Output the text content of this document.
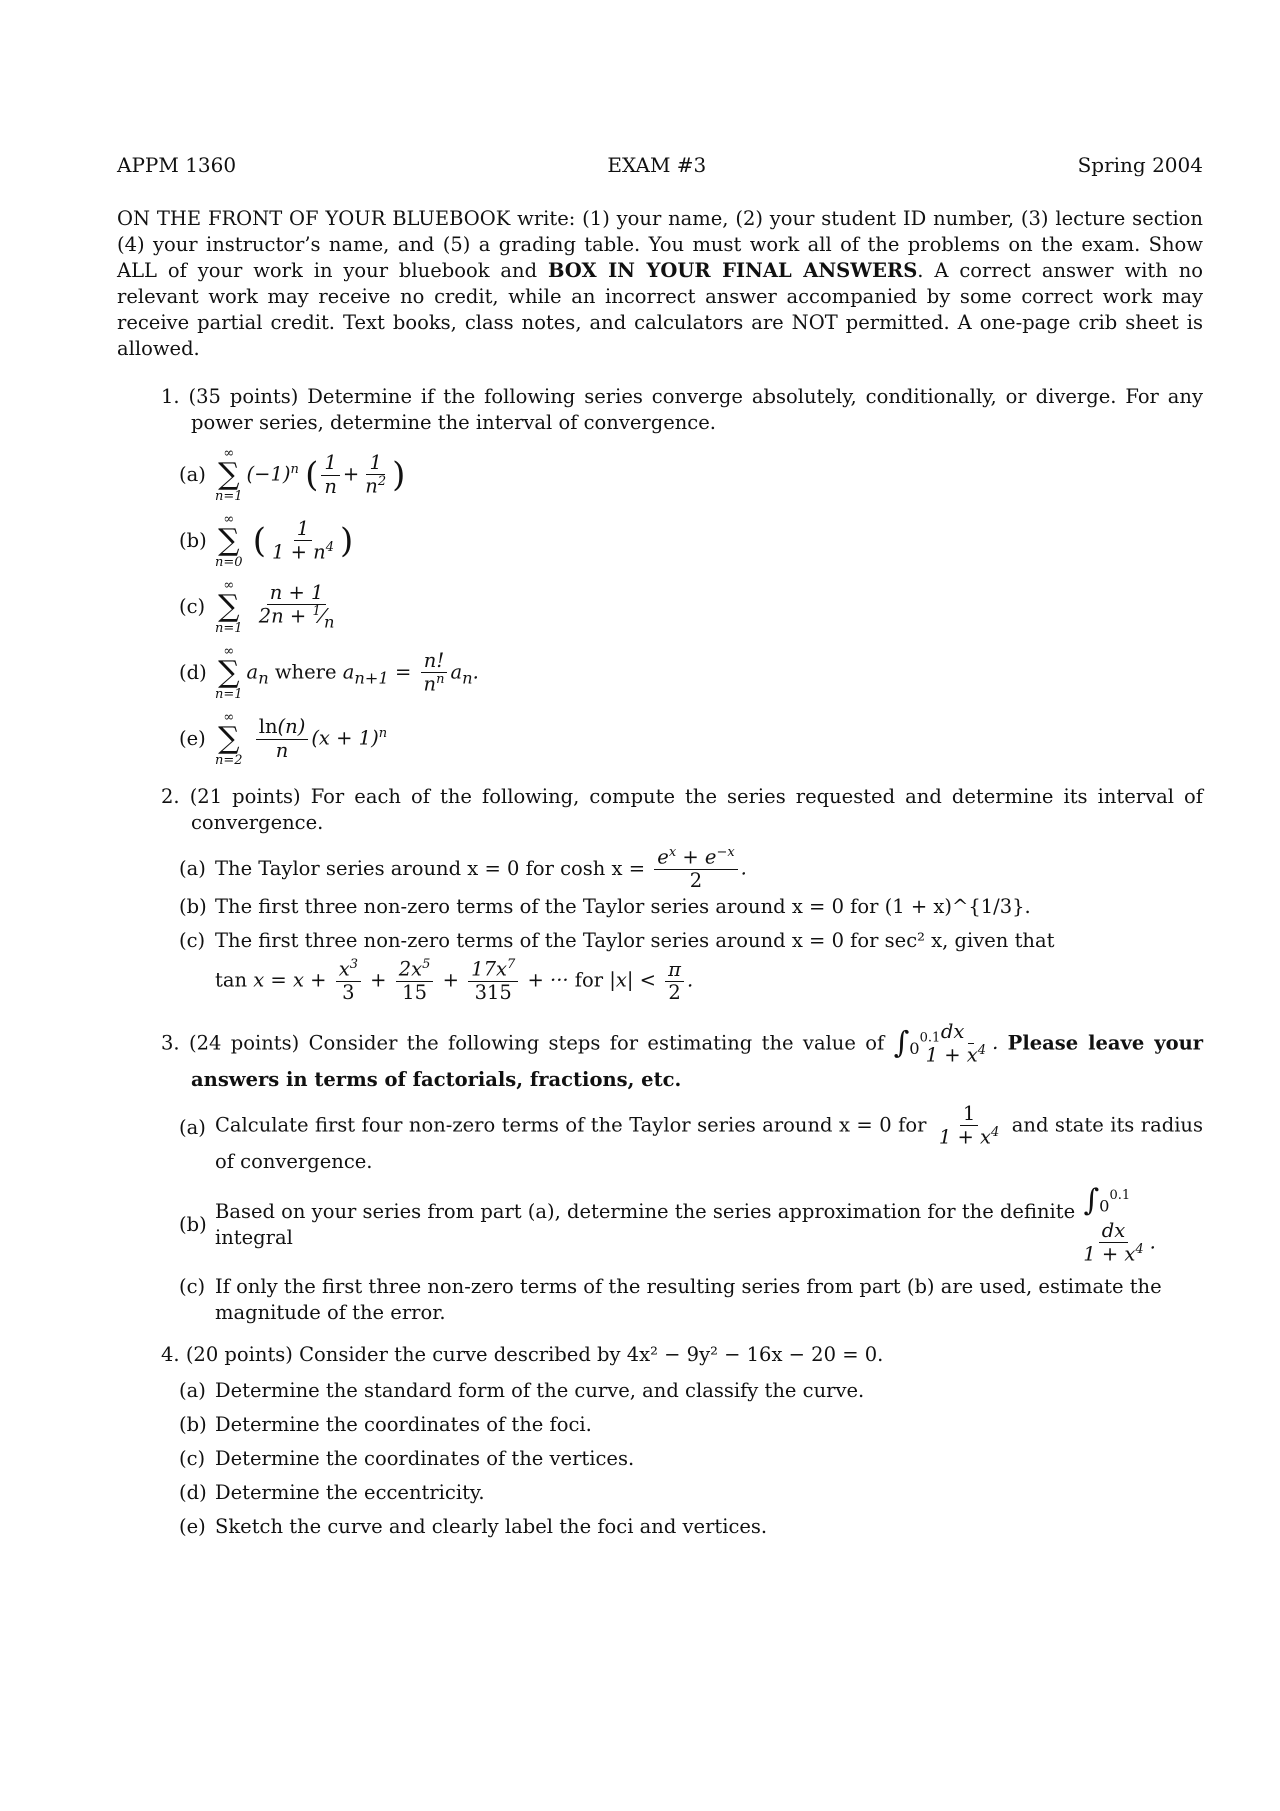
APPM 1360	EXAM #3	Spring 2004

ON THE FRONT OF YOUR BLUEBOOK write: (1) your name, (2) your student ID number, (3) lecture section (4) your instructor’s name, and (5) a grading table. You must work all of the problems on the exam. Show ALL of your work in your bluebook and BOX IN YOUR FINAL ANSWERS. A correct answer with no relevant work may receive no credit, while an incorrect answer accompanied by some correct work may receive partial credit. Text books, class notes, and calculators are NOT permitted. A one-page crib sheet is allowed.

1. (35 points) Determine if the following series converge absolutely, conditionally, or diverge. For any power series, determine the interval of convergence.
(a)
∞
∑
n=1
$(-1)^n$ ( $\frac{1}{n} + \frac{1}{n^2}$ )
(b)
∞
∑
n=0
( $\frac{1}{1 + n^4}$ )
(c)
∞
∑
n=1
$\frac{n + 1}{2n + ^1⁄_n}$
(d)
∞
∑
n=1
$a_n$ where $a_{n+1} = \frac{n!}{n^n} a_n$.
(e)
∞
∑
n=2
$\frac{\ln(n)}{n} (x + 1)^n$
2. (21 points) For each of the following, compute the series requested and determine its interval of convergence.
(a) The Taylor series around x = 0 for cosh x =
$\frac{e^x + e^{-x}}{2}$ .
(b) The first three non-zero terms of the Taylor series around x = 0 for (1 + x)^{1/3}.
(c) The first three non-zero terms of the Taylor series around x = 0 for sec² x, given that
$\tan x = x + \frac{x^3}{3} + \frac{2x^5}{15} + \frac{17x^7}{315}$ + ··· for $|x| < \frac{\pi}{2}$ .
3. (24 points) Consider the following steps for estimating the value of $\int_0^{0.1} \frac{dx}{1 + x^4}$ . Please leave your answers in terms of factorials, fractions, etc.
(a) Calculate first four non-zero terms of the Taylor series around x = 0 for $\frac{1}{1 + x^4}$ and state its radius of convergence.
(b)
Based on your series from part (a), determine the series approximation for the definite integral
$\int_0^{0.1}$
$\frac{dx}{1 + x^4}$ .
(c) If only the first three non-zero terms of the resulting series from part (b) are used, estimate the magnitude of the error.
4. (20 points) Consider the curve described by 4x² − 9y² − 16x − 20 = 0.
(a) Determine the standard form of the curve, and classify the curve.
(b) Determine the coordinates of the foci.
(c) Determine the coordinates of the vertices.
(d) Determine the eccentricity.
(e) Sketch the curve and clearly label the foci and vertices.
